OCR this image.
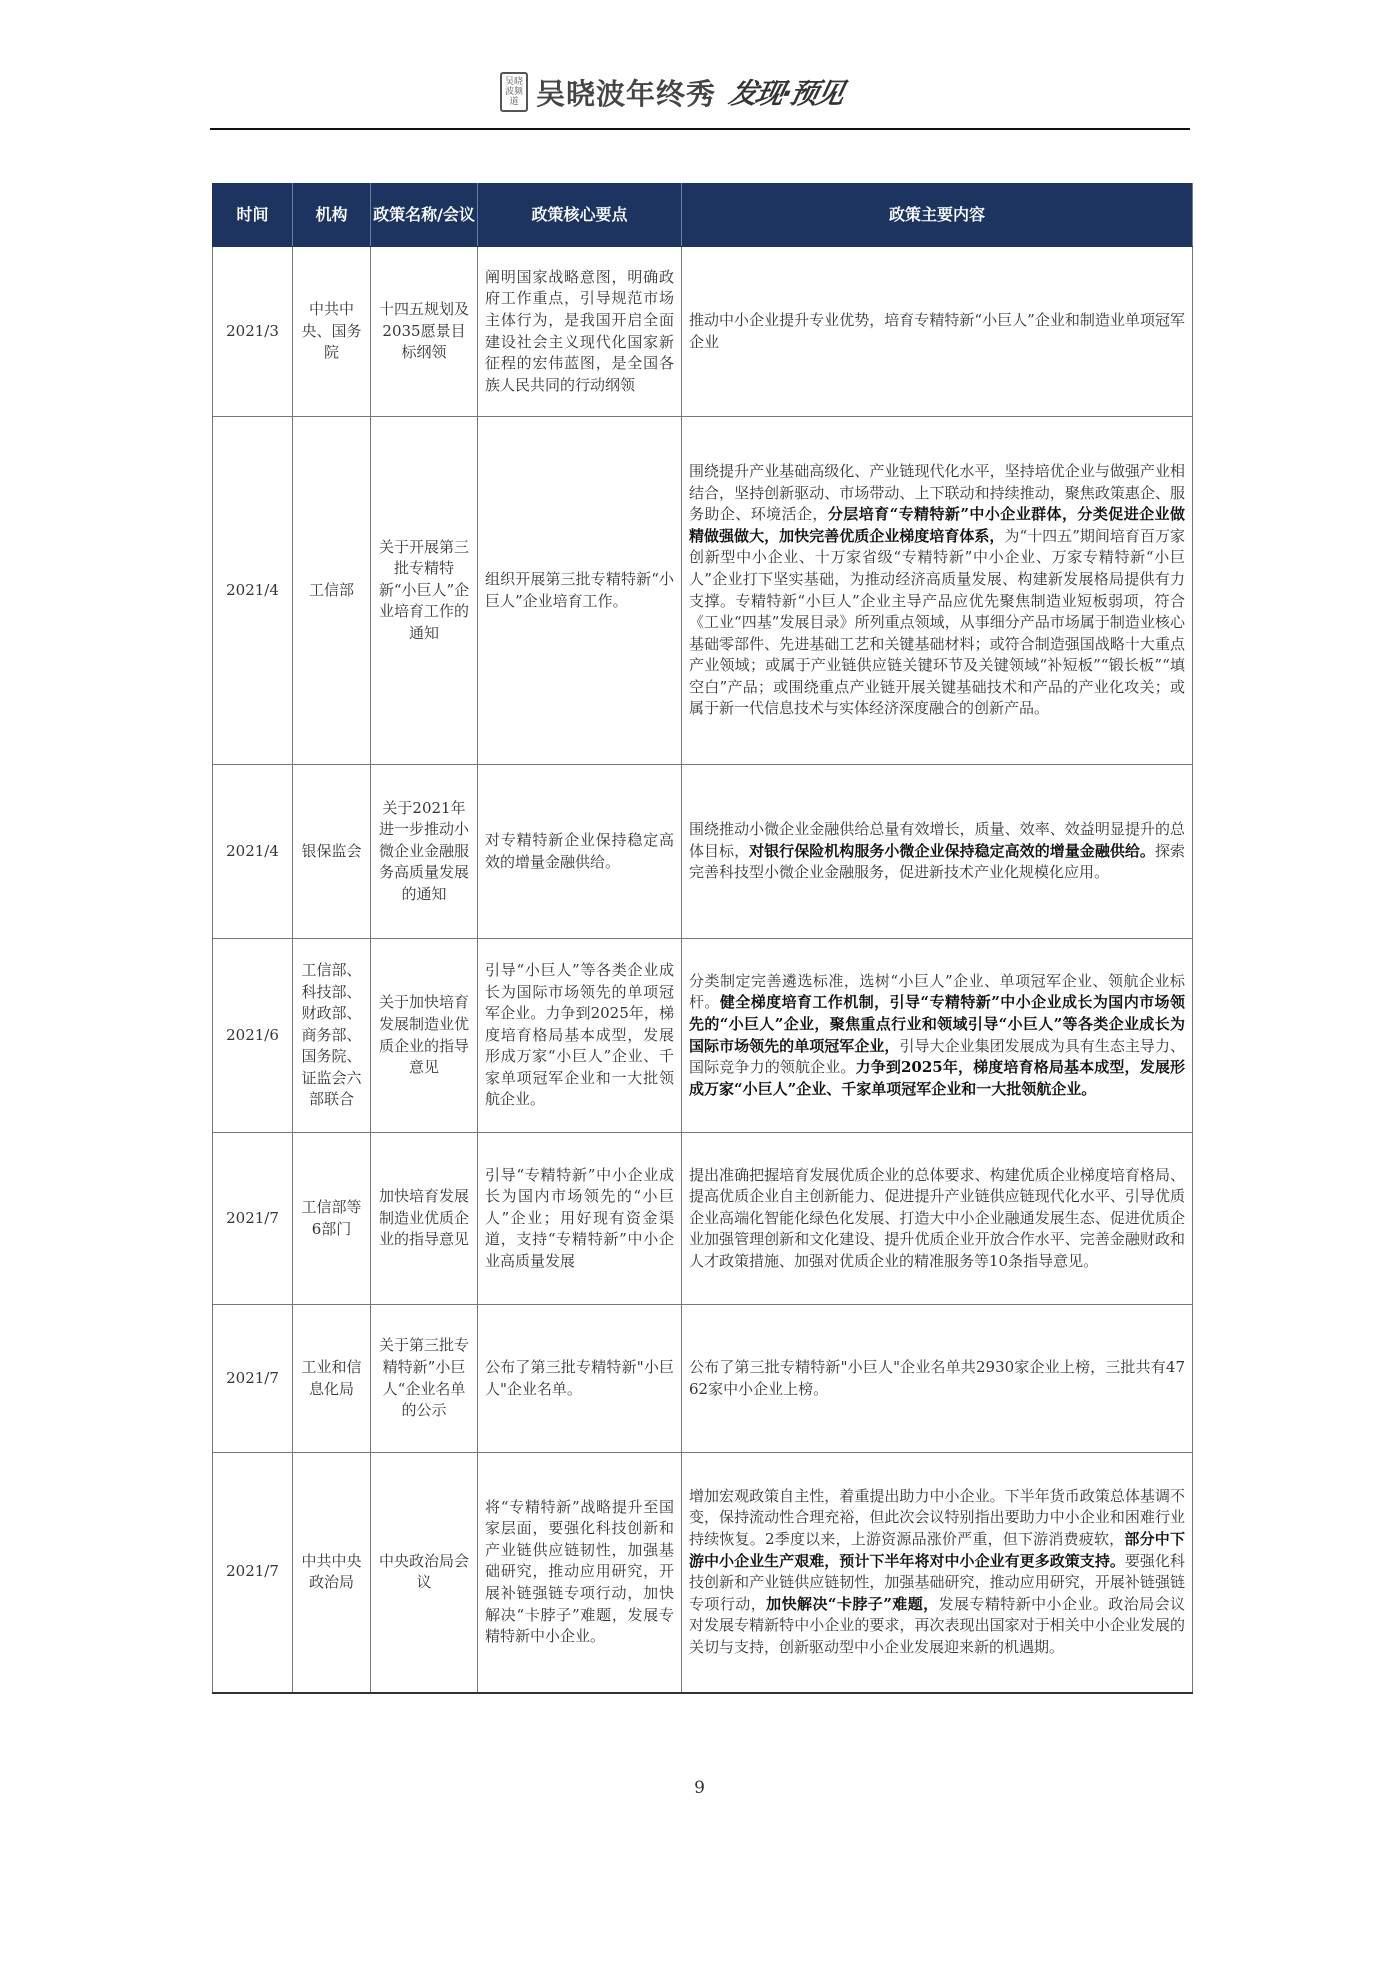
吴晓波频道 吴晓波年终秀 发现·预见
时间	机构	政策名称/会议	政策核心要点	政策主要内容
2021/3	中共中央、国务院	十四五规划及2035愿景目标纲领	阐明国家战略意图，明确政府工作重点，引导规范市场主体行为，是我国开启全面建设社会主义现代化国家新征程的宏伟蓝图，是全国各族人民共同的行动纲领	推动中小企业提升专业优势，培育专精特新“小巨人”企业和制造业单项冠军企业
2021/4	工信部	关于开展第三批专精特新“小巨人”企业培育工作的通知	组织开展第三批专精特新“小巨人”企业培育工作。	围绕提升产业基础高级化、产业链现代化水平，坚持培优企业与做强产业相结合，坚持创新驱动、市场带动、上下联动和持续推动，聚焦政策惠企、服务助企、环境活企，分层培育“专精特新”中小企业群体，分类促进企业做精做强做大，加快完善优质企业梯度培育体系，为“十四五”期间培育百万家创新型中小企业、十万家省级“专精特新”中小企业、万家专精特新“小巨人”企业打下坚实基础，为推动经济高质量发展、构建新发展格局提供有力支撑。专精特新“小巨人”企业主导产品应优先聚焦制造业短板弱项，符合《工业“四基”发展目录》所列重点领域，从事细分产品市场属于制造业核心基础零部件、先进基础工艺和关键基础材料；或符合制造强国战略十大重点产业领域；或属于产业链供应链关键环节及关键领域“补短板”“锻长板”“填空白”产品；或围绕重点产业链开展关键基础技术和产品的产业化攻关；或属于新一代信息技术与实体经济深度融合的创新产品。
2021/4	银保监会	关于2021年进一步推动小微企业金融服务高质量发展的通知	对专精特新企业保持稳定高效的增量金融供给。	围绕推动小微企业金融供给总量有效增长，质量、效率、效益明显提升的总体目标，对银行保险机构服务小微企业保持稳定高效的增量金融供给。探索完善科技型小微企业金融服务，促进新技术产业化规模化应用。
2021/6	工信部、科技部、财政部、商务部、国务院、证监会六部联合	关于加快培育发展制造业优质企业的指导意见	引导“小巨人”等各类企业成长为国际市场领先的单项冠军企业。力争到2025年，梯度培育格局基本成型，发展形成万家“小巨人”企业、千家单项冠军企业和一大批领航企业。	分类制定完善遴选标准，选树“小巨人”企业、单项冠军企业、领航企业标杆。健全梯度培育工作机制，引导“专精特新”中小企业成长为国内市场领先的“小巨人”企业，聚焦重点行业和领域引导“小巨人”等各类企业成长为国际市场领先的单项冠军企业，引导大企业集团发展成为具有生态主导力、国际竞争力的领航企业。力争到2025年，梯度培育格局基本成型，发展形成万家“小巨人”企业、千家单项冠军企业和一大批领航企业。
2021/7	工信部等6部门	加快培育发展制造业优质企业的指导意见	引导“专精特新”中小企业成长为国内市场领先的“小巨人”企业；用好现有资金渠道，支持“专精特新”中小企业高质量发展	提出准确把握培育发展优质企业的总体要求、构建优质企业梯度培育格局、提高优质企业自主创新能力、促进提升产业链供应链现代化水平、引导优质企业高端化智能化绿色化发展、打造大中小企业融通发展生态、促进优质企业加强管理创新和文化建设、提升优质企业开放合作水平、完善金融财政和人才政策措施、加强对优质企业的精准服务等10条指导意见。
2021/7	工业和信息化局	关于第三批专精特新”小巨人“企业名单的公示	公布了第三批专精特新"小巨人"企业名单。	公布了第三批专精特新"小巨人"企业名单共2930家企业上榜，三批共有4762家中小企业上榜。
2021/7	中共中央政治局	中央政治局会议	将“专精特新”战略提升至国家层面，要强化科技创新和产业链供应链韧性，加强基础研究，推动应用研究，开展补链强链专项行动，加快解决“卡脖子”难题，发展专精特新中小企业。	增加宏观政策自主性，着重提出助力中小企业。下半年货币政策总体基调不变，保持流动性合理充裕，但此次会议特别指出要助力中小企业和困难行业持续恢复。2季度以来，上游资源品涨价严重，但下游消费疲软，部分中下游中小企业生产艰难，预计下半年将对中小企业有更多政策支持。要强化科技创新和产业链供应链韧性，加强基础研究，推动应用研究，开展补链强链专项行动，加快解决“卡脖子”难题，发展专精特新中小企业。政治局会议对发展专精新特中小企业的要求，再次表现出国家对于相关中小企业发展的关切与支持，创新驱动型中小企业发展迎来新的机遇期。
9
